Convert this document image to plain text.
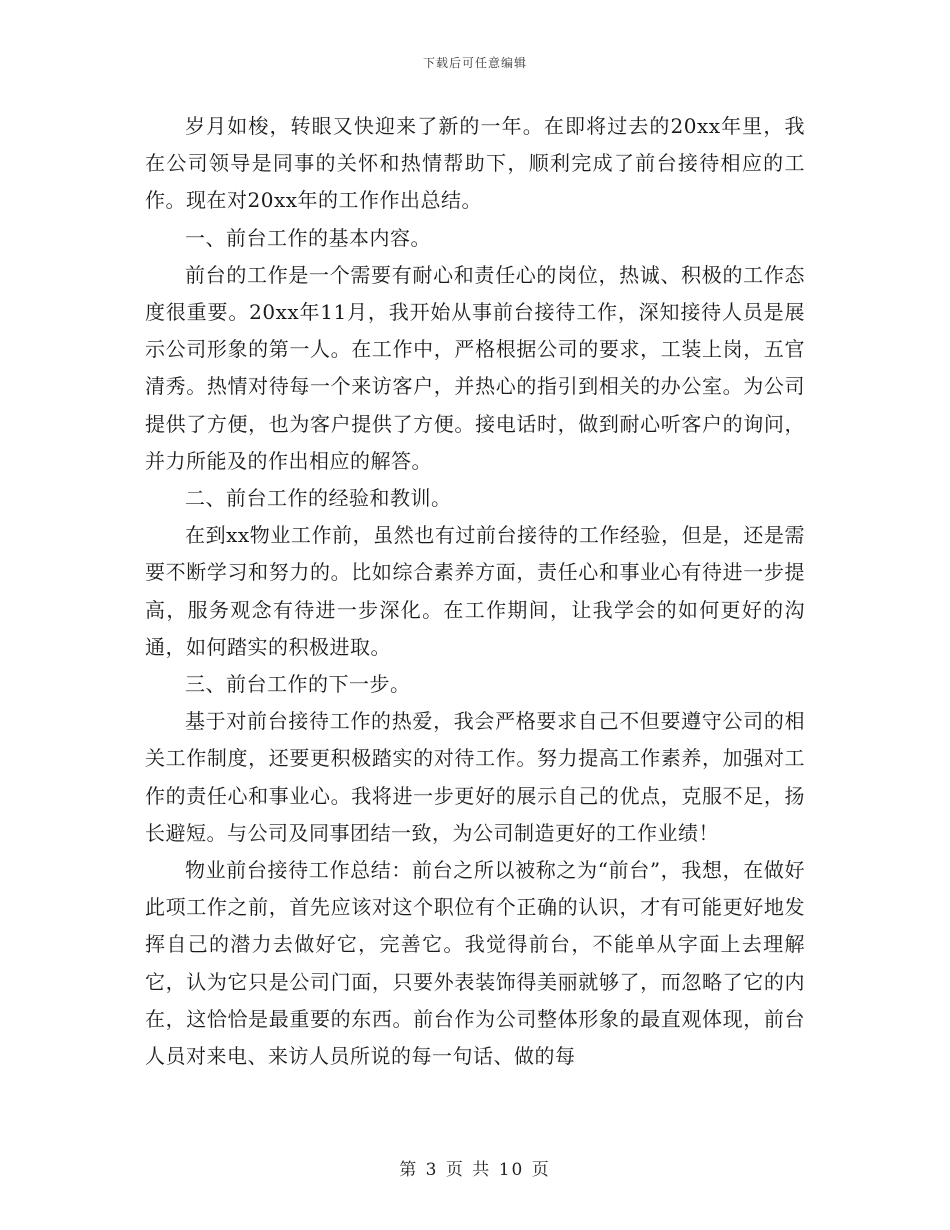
下载后可任意编辑

岁月如梭，转眼又快迎来了新的一年。在即将过去的20xx年里，我在公司领导是同事的关怀和热情帮助下，顺利完成了前台接待相应的工作。现在对20xx年的工作作出总结。

一、前台工作的基本内容。

前台的工作是一个需要有耐心和责任心的岗位，热诚、积极的工作态度很重要。20xx年11月，我开始从事前台接待工作，深知接待人员是展示公司形象的第一人。在工作中，严格根据公司的要求，工装上岗，五官清秀。热情对待每一个来访客户，并热心的指引到相关的办公室。为公司提供了方便，也为客户提供了方便。接电话时，做到耐心听客户的询问，并力所能及的作出相应的解答。

二、前台工作的经验和教训。

在到xx物业工作前，虽然也有过前台接待的工作经验，但是，还是需要不断学习和努力的。比如综合素养方面，责任心和事业心有待进一步提高，服务观念有待进一步深化。在工作期间，让我学会的如何更好的沟通，如何踏实的积极进取。

三、前台工作的下一步。

基于对前台接待工作的热爱，我会严格要求自己不但要遵守公司的相关工作制度，还要更积极踏实的对待工作。努力提高工作素养，加强对工作的责任心和事业心。我将进一步更好的展示自己的优点，克服不足，扬长避短。与公司及同事团结一致，为公司制造更好的工作业绩！

物业前台接待工作总结：前台之所以被称之为“前台”，我想，在做好此项工作之前，首先应该对这个职位有个正确的认识，才有可能更好地发挥自己的潜力去做好它，完善它。我觉得前台，不能单从字面上去理解它，认为它只是公司门面，只要外表装饰得美丽就够了，而忽略了它的内在，这恰恰是最重要的东西。前台作为公司整体形象的最直观体现，前台人员对来电、来访人员所说的每一句话、做的每

第 3 页 共 10 页
